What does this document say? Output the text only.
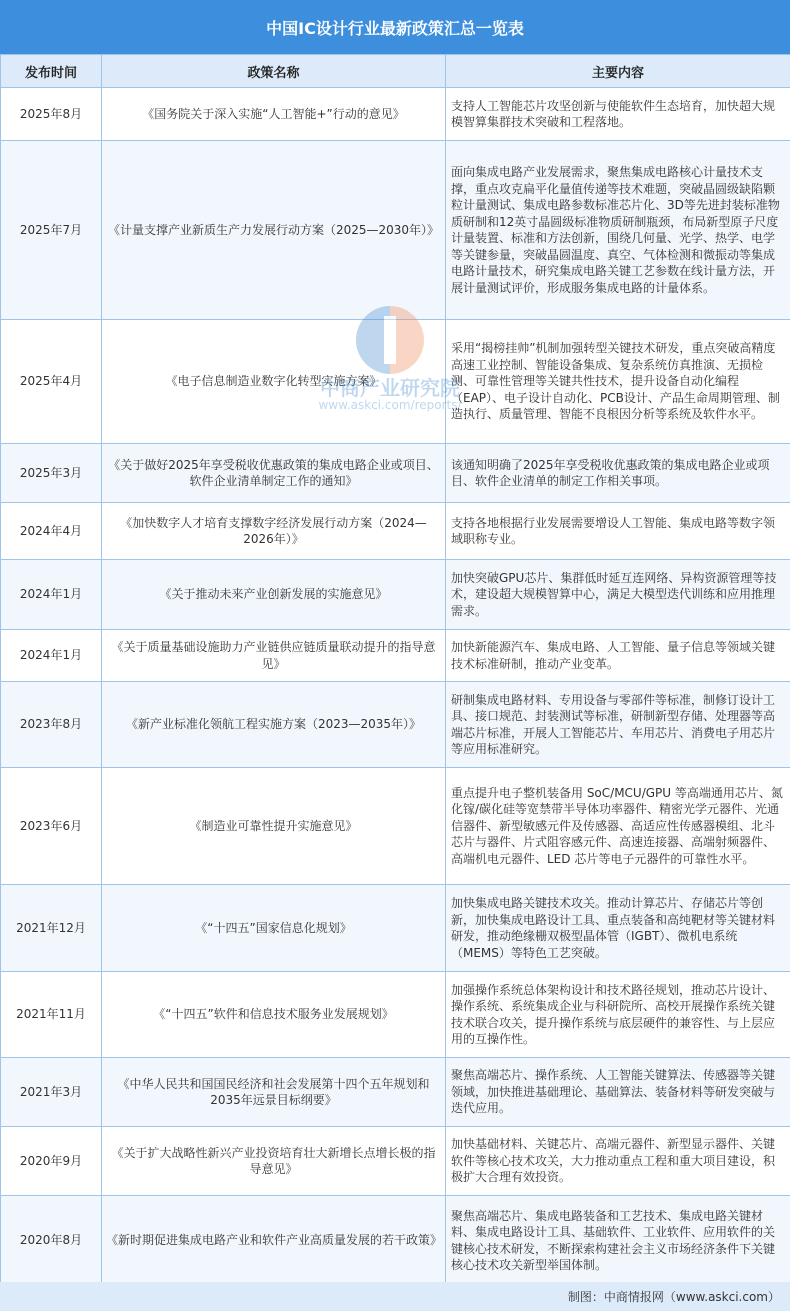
中国IC设计行业最新政策汇总一览表
发布时间	政策名称	主要内容
2025年8月	《国务院关于深入实施“人工智能+”行动的意见》	支持人工智能芯片攻坚创新与使能软件生态培育，加快超大规模智算集群技术突破和工程落地。
2025年7月	《计量支撑产业新质生产力发展行动方案（2025—2030年）》	面向集成电路产业发展需求，聚焦集成电路核心计量技术支撑，重点攻克扁平化量值传递等技术难题，突破晶圆级缺陷颗粒计量测试、集成电路参数标准芯片化、3D等先进封装标准物质研制和12英寸晶圆级标准物质研制瓶颈，布局新型原子尺度计量装置、标准和方法创新，围绕几何量、光学、热学、电学等关键参量，突破晶圆温度、真空、气体检测和微振动等集成电路计量技术，研究集成电路关键工艺参数在线计量方法，开展计量测试评价，形成服务集成电路的计量体系。
2025年4月	《电子信息制造业数字化转型实施方案》	采用“揭榜挂帅”机制加强转型关键技术研发，重点突破高精度高速工业控制、智能设备集成、复杂系统仿真推演、无损检测、可靠性管理等关键共性技术，提升设备自动化编程（EAP）、电子设计自动化、PCB设计、产品生命周期管理、制造执行、质量管理、智能不良根因分析等系统及软件水平。
2025年3月	《关于做好2025年享受税收优惠政策的集成电路企业或项目、软件企业清单制定工作的通知》	该通知明确了2025年享受税收优惠政策的集成电路企业或项目、软件企业清单的制定工作相关事项。
2024年4月	《加快数字人才培育支撑数字经济发展行动方案（2024—2026年）》	支持各地根据行业发展需要增设人工智能、集成电路等数字领域职称专业。
2024年1月	《关于推动未来产业创新发展的实施意见》	加快突破GPU芯片、集群低时延互连网络、异构资源管理等技术，建设超大规模智算中心，满足大模型迭代训练和应用推理需求。
2024年1月	《关于质量基础设施助力产业链供应链质量联动提升的指导意见》	加快新能源汽车、集成电路、人工智能、量子信息等领域关键技术标准研制，推动产业变革。
2023年8月	《新产业标准化领航工程实施方案（2023—2035年）》	研制集成电路材料、专用设备与零部件等标准，制修订设计工具、接口规范、封装测试等标准，研制新型存储、处理器等高端芯片标准，开展人工智能芯片、车用芯片、消费电子用芯片等应用标准研究。
2023年6月	《制造业可靠性提升实施意见》	重点提升电子整机装备用 SoC/MCU/GPU 等高端通用芯片、氮化镓/碳化硅等宽禁带半导体功率器件、精密光学元器件、光通信器件、新型敏感元件及传感器、高适应性传感器模组、北斗芯片与器件、片式阻容感元件、高速连接器、高端射频器件、高端机电元器件、LED 芯片等电子元器件的可靠性水平。
2021年12月	《“十四五”国家信息化规划》	加快集成电路关键技术攻关。推动计算芯片、存储芯片等创新，加快集成电路设计工具、重点装备和高纯靶材等关键材料研发，推动绝缘栅双极型晶体管（IGBT）、微机电系统（MEMS）等特色工艺突破。
2021年11月	《“十四五”软件和信息技术服务业发展规划》	加强操作系统总体架构设计和技术路径规划，推动芯片设计、操作系统、系统集成企业与科研院所、高校开展操作系统关键技术联合攻关，提升操作系统与底层硬件的兼容性、与上层应用的互操作性。
2021年3月	《中华人民共和国国民经济和社会发展第十四个五年规划和2035年远景目标纲要》	聚焦高端芯片、操作系统、人工智能关键算法、传感器等关键领域，加快推进基础理论、基础算法、装备材料等研发突破与迭代应用。
2020年9月	《关于扩大战略性新兴产业投资培育壮大新增长点增长极的指导意见》	加快基础材料、关键芯片、高端元器件、新型显示器件、关键软件等核心技术攻关，大力推动重点工程和重大项目建设，积极扩大合理有效投资。
2020年8月	《新时期促进集成电路产业和软件产业高质量发展的若干政策》	聚焦高端芯片、集成电路装备和工艺技术、集成电路关键材料、集成电路设计工具、基础软件、工业软件、应用软件的关键核心技术研发，不断探索构建社会主义市场经济条件下关键核心技术攻关新型举国体制。
中商产业研究院
www.askci.com/reports/
制图：中商情报网（www.askci.com）
